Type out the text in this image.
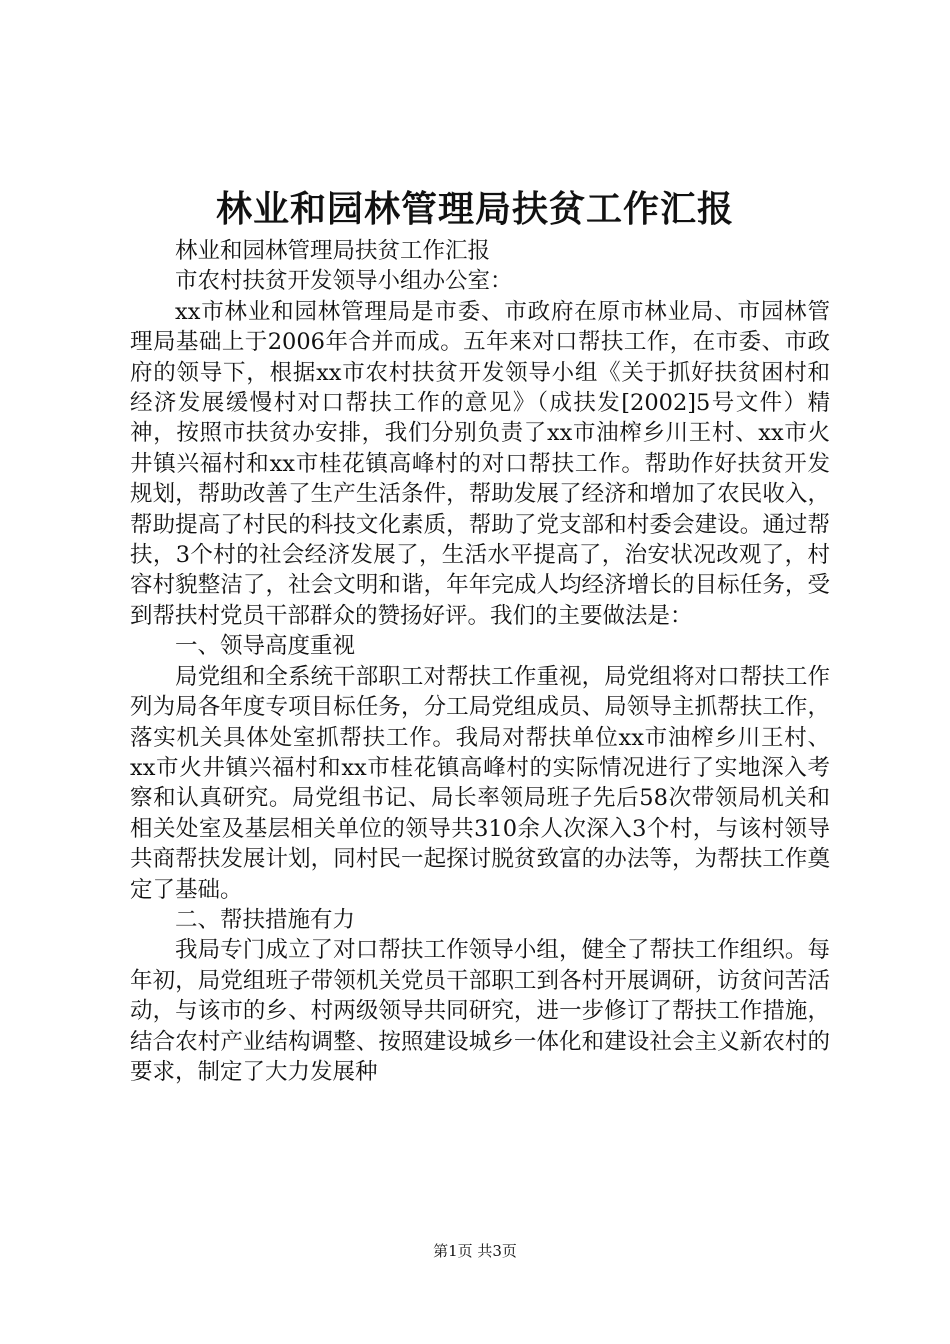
林业和园林管理局扶贫工作汇报

林业和园林管理局扶贫工作汇报

市农村扶贫开发领导小组办公室：

xx市林业和园林管理局是市委、市政府在原市林业局、市园林管理局基础上于2006年合并而成。五年来对口帮扶工作，在市委、市政府的领导下，根据xx市农村扶贫开发领导小组《关于抓好扶贫困村和经济发展缓慢村对口帮扶工作的意见》（成扶发[2002]5号文件）精神，按照市扶贫办安排，我们分别负责了xx市油榨乡川王村、xx市火井镇兴福村和xx市桂花镇高峰村的对口帮扶工作。帮助作好扶贫开发规划，帮助改善了生产生活条件，帮助发展了经济和增加了农民收入，帮助提高了村民的科技文化素质，帮助了党支部和村委会建设。通过帮扶，3个村的社会经济发展了，生活水平提高了，治安状况改观了，村容村貌整洁了，社会文明和谐，年年完成人均经济增长的目标任务，受到帮扶村党员干部群众的赞扬好评。我们的主要做法是：

一、领导高度重视

局党组和全系统干部职工对帮扶工作重视，局党组将对口帮扶工作列为局各年度专项目标任务，分工局党组成员、局领导主抓帮扶工作，落实机关具体处室抓帮扶工作。我局对帮扶单位xx市油榨乡川王村、xx市火井镇兴福村和xx市桂花镇高峰村的实际情况进行了实地深入考察和认真研究。局党组书记、局长率领局班子先后58次带领局机关和相关处室及基层相关单位的领导共310余人次深入3个村，与该村领导共商帮扶发展计划，同村民一起探讨脱贫致富的办法等，为帮扶工作奠定了基础。

二、帮扶措施有力

我局专门成立了对口帮扶工作领导小组，健全了帮扶工作组织。每年初，局党组班子带领机关党员干部职工到各村开展调研，访贫问苦活动，与该市的乡、村两级领导共同研究，进一步修订了帮扶工作措施，结合农村产业结构调整、按照建设城乡一体化和建设社会主义新农村的要求，制定了大力发展种

第1页 共3页
